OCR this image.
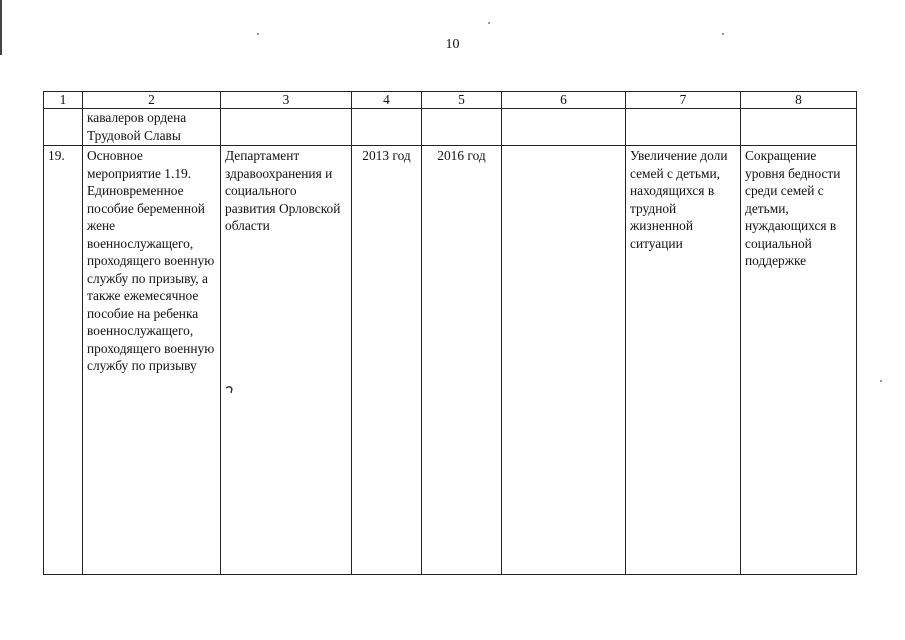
10
1	2	3	4	5	6	7	8
	кавалеров ордена Трудовой Славы						
19.	Основное мероприятие 1.19. Единовременное пособие беременной жене военнослужащего, проходящего военную службу по призыву, а также ежемесячное пособие на ребенка военнослужащего, проходящего военную службу по призыву	Департамент здравоохранения и социального развития Орловской области	2013 год	2016 год		Увеличение доли семей с детьми, находящихся в трудной жизненной ситуации	Сокращение уровня бедности среди семей с детьми, нуждающихся в социальной поддержке
